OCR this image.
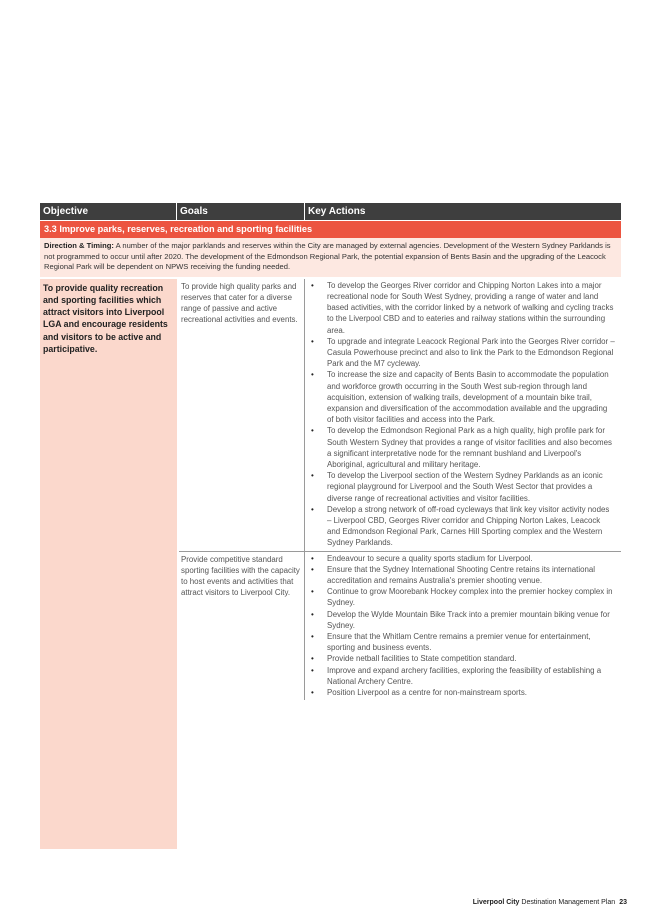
Objective	Goals	Key Actions
3.3 Improve parks, reserves, recreation and sporting facilities
Direction & Timing: A number of the major parklands and reserves within the City are managed by external agencies. Development of the Western Sydney Parklands is not programmed to occur until after 2020. The development of the Edmondson Regional Park, the potential expansion of Bents Basin and the upgrading of the Leacock Regional Park will be dependent on NPWS receiving the funding needed.
To provide quality recreation and sporting facilities which attract visitors into Liverpool LGA and encourage residents and visitors to be active and participative.
To provide high quality parks and reserves that cater for a diverse range of passive and active recreational activities and events.
• To develop the Georges River corridor and Chipping Norton Lakes into a major recreational node for South West Sydney, providing a range of water and land based activities, with the corridor linked by a network of walking and cycling tracks to the Liverpool CBD and to eateries and railway stations within the surrounding area.
• To upgrade and integrate Leacock Regional Park into the Georges River corridor – Casula Powerhouse precinct and also to link the Park to the Edmondson Regional Park and the M7 cycleway.
• To increase the size and capacity of Bents Basin to accommodate the population and workforce growth occurring in the South West sub-region through land acquisition, extension of walking trails, development of a mountain bike trail, expansion and diversification of the accommodation available and the upgrading of both visitor facilities and access into the Park.
• To develop the Edmondson Regional Park as a high quality, high profile park for South Western Sydney that provides a range of visitor facilities and also becomes a significant interpretative node for the remnant bushland and Liverpool's Aboriginal, agricultural and military heritage.
• To develop the Liverpool section of the Western Sydney Parklands as an iconic regional playground for Liverpool and the South West Sector that provides a diverse range of recreational activities and visitor facilities.
• Develop a strong network of off-road cycleways that link key visitor activity nodes – Liverpool CBD, Georges River corridor and Chipping Norton Lakes, Leacock and Edmondson Regional Park, Carnes Hill Sporting complex and the Western Sydney Parklands.
Provide competitive standard sporting facilities with the capacity to host events and activities that attract visitors to Liverpool City.
• Endeavour to secure a quality sports stadium for Liverpool.
• Ensure that the Sydney International Shooting Centre retains its international accreditation and remains Australia's premier shooting venue.
• Continue to grow Moorebank Hockey complex into the premier hockey complex in Sydney.
• Develop the Wylde Mountain Bike Track into a premier mountain biking venue for Sydney.
• Ensure that the Whitlam Centre remains a premier venue for entertainment, sporting and business events.
• Provide netball facilities to State competition standard.
• Improve and expand archery facilities, exploring the feasibility of establishing a National Archery Centre.
• Position Liverpool as a centre for non-mainstream sports.
Liverpool City Destination Management Plan 23
